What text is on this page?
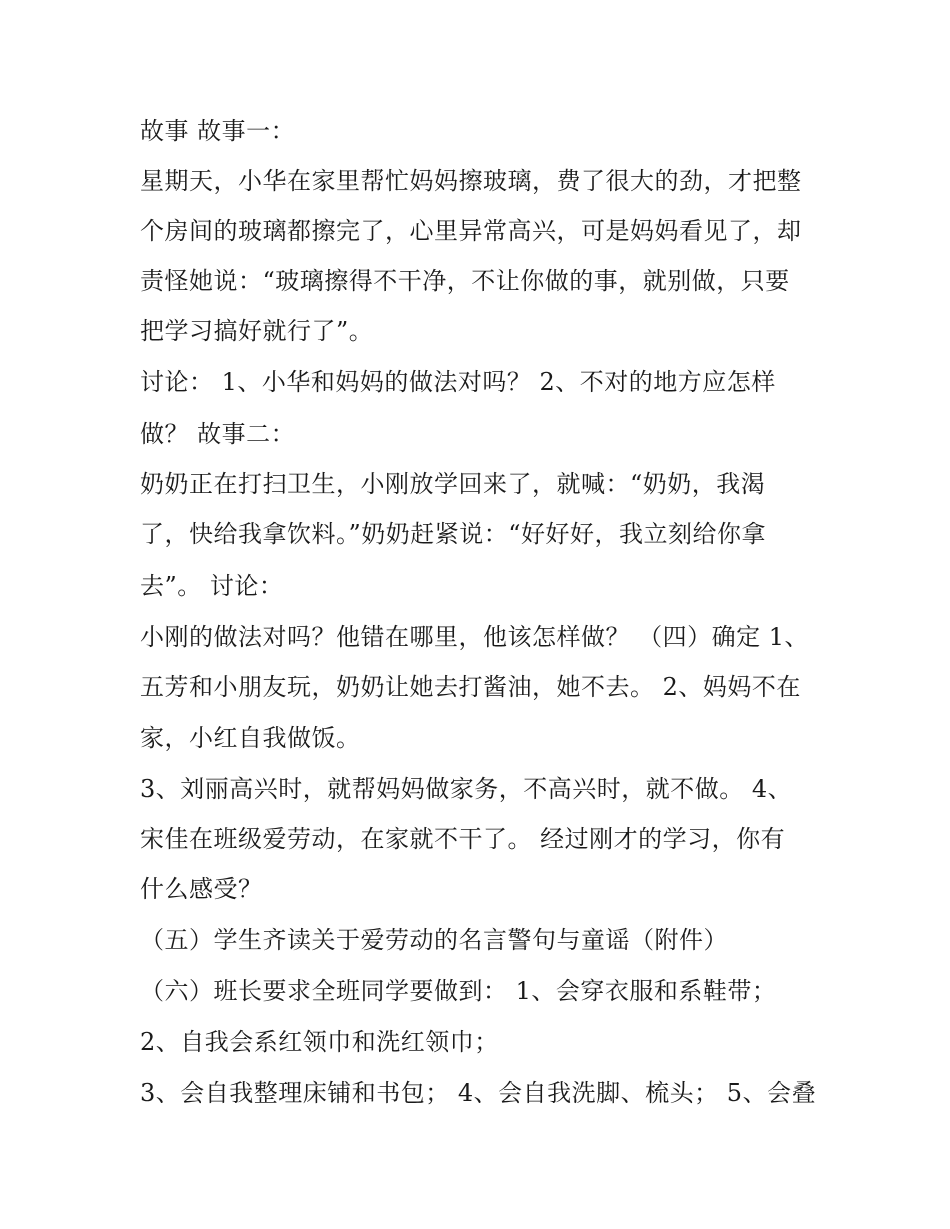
故事 故事一：
星期天，小华在家里帮忙妈妈擦玻璃，费了很大的劲，才把整
个房间的玻璃都擦完了，心里异常高兴，可是妈妈看见了，却
责怪她说：“玻璃擦得不干净，不让你做的事，就别做，只要
把学习搞好就行了”。
讨论： 1、小华和妈妈的做法对吗？ 2、不对的地方应怎样
做？ 故事二：
奶奶正在打扫卫生，小刚放学回来了，就喊：“奶奶，我渴
了，快给我拿饮料。”奶奶赶紧说：“好好好，我立刻给你拿
去”。 讨论：
小刚的做法对吗？他错在哪里，他该怎样做？ （四）确定 1、
五芳和小朋友玩，奶奶让她去打酱油，她不去。 2、妈妈不在
家，小红自我做饭。
3、刘丽高兴时，就帮妈妈做家务，不高兴时，就不做。 4、
宋佳在班级爱劳动，在家就不干了。 经过刚才的学习，你有
什么感受？
（五）学生齐读关于爱劳动的名言警句与童谣（附件）
（六）班长要求全班同学要做到： 1、会穿衣服和系鞋带；
2、自我会系红领巾和洗红领巾；
3、会自我整理床铺和书包； 4、会自我洗脚、梳头； 5、会叠
